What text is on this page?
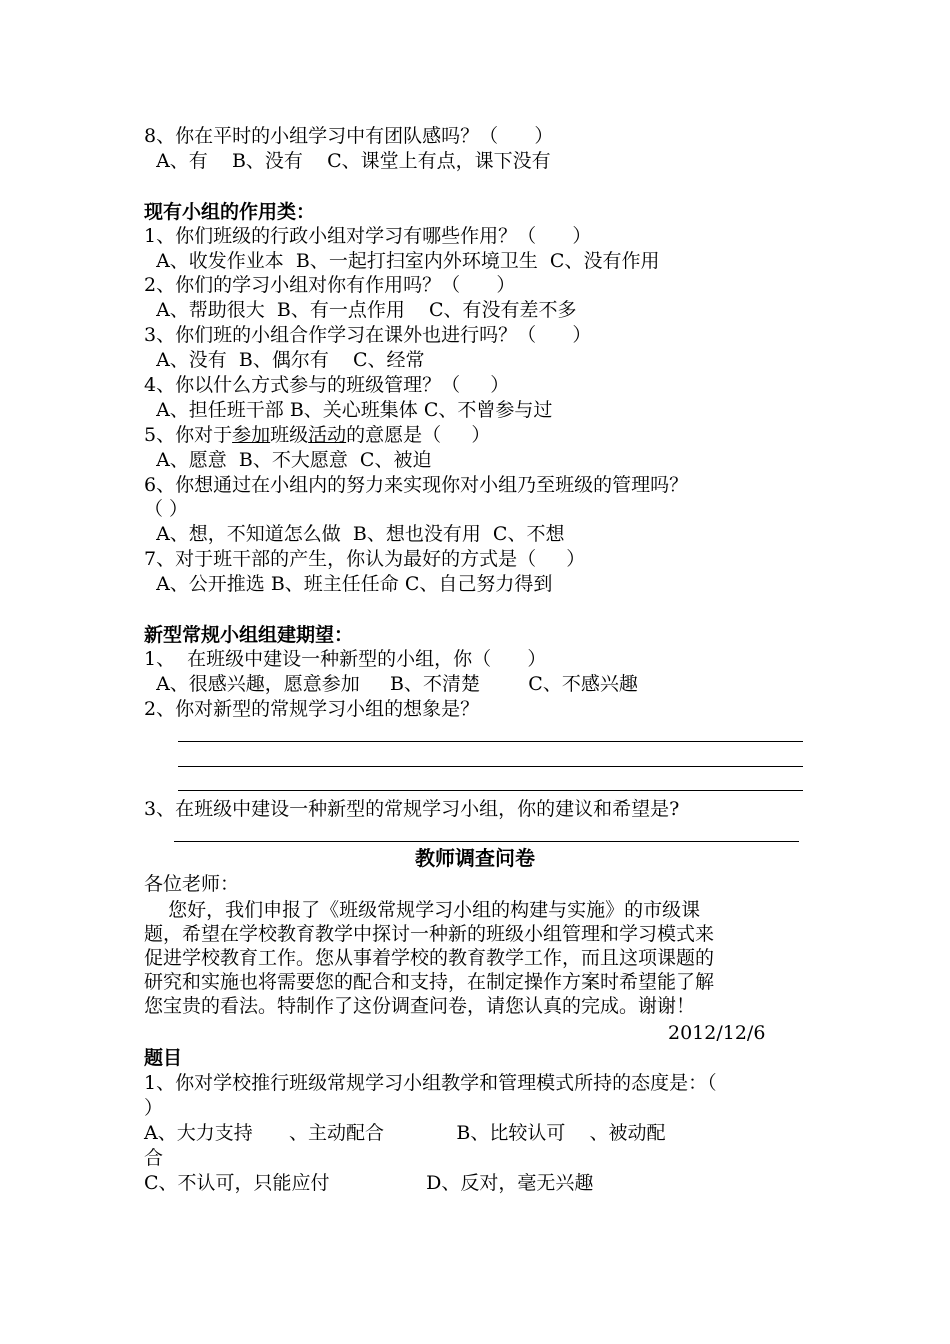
8、你在平时的小组学习中有团队感吗？（      ）
A、有    B、没有    C、课堂上有点，课下没有
现有小组的作用类：
1、你们班级的行政小组对学习有哪些作用？（      ）
A、收发作业本  B、一起打扫室内外环境卫生  C、没有作用
2、你们的学习小组对你有作用吗？（      ）
A、帮助很大  B、有一点作用    C、有没有差不多
3、你们班的小组合作学习在课外也进行吗？（      ）
A、没有  B、偶尔有    C、经常
4、你以什么方式参与的班级管理？（     ）
A、担任班干部 B、关心班集体 C、不曾参与过
5、你对于参加班级活动的意愿是（     ）
A、愿意  B、不大愿意  C、被迫
6、你想通过在小组内的努力来实现你对小组乃至班级的管理吗？
（ ）
A、想，不知道怎么做  B、想也没有用  C、不想
7、对于班干部的产生，你认为最好的方式是（     ）
A、公开推选 B、班主任任命 C、自己努力得到
新型常规小组组建期望：
1、  在班级中建设一种新型的小组，你（      ）
A、很感兴趣，愿意参加     B、不清楚        C、不感兴趣
2、你对新型的常规学习小组的想象是？
3、在班级中建设一种新型的常规学习小组，你的建议和希望是?
教师调查问卷
各位老师：
您好，我们申报了《班级常规学习小组的构建与实施》的市级课
题，希望在学校教育教学中探讨一种新的班级小组管理和学习模式来
促进学校教育工作。您从事着学校的教育教学工作，而且这项课题的
研究和实施也将需要您的配合和支持，在制定操作方案时希望能了解
您宝贵的看法。特制作了这份调查问卷，请您认真的完成。谢谢！
2012/12/6
题目
1、你对学校推行班级常规学习小组教学和管理模式所持的态度是：（
）
A、大力支持      、主动配合            B、比较认可    、被动配
合
C、不认可，只能应付                D、反对，毫无兴趣
